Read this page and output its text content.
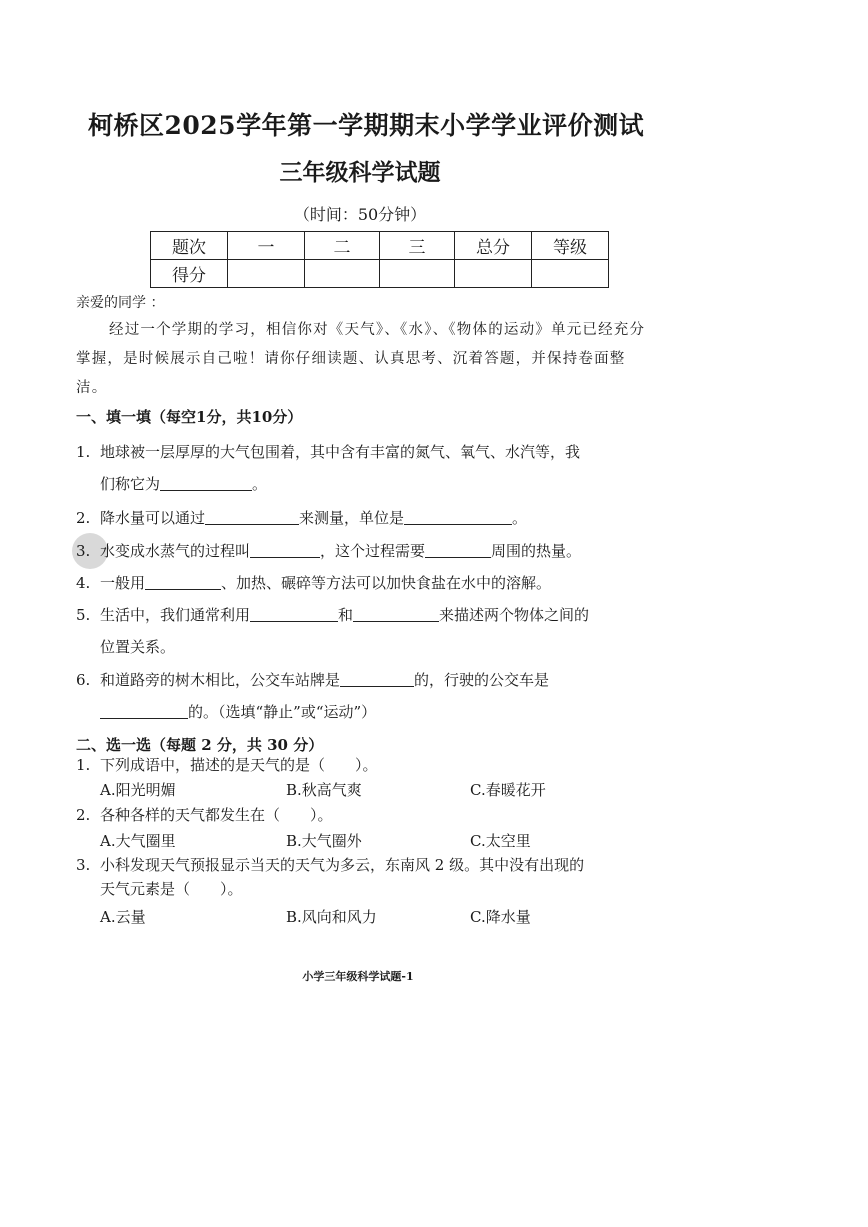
柯桥区2025学年第一学期期末小学学业评价测试
三年级科学试题
（时间：50分钟）
题次	一	二	三	总分	等级
得分					
亲爱的同学 ：
经过一个学期的学习，相信你对《天气》、《水》、《物体的运动》单元已经充分掌握，是时候展示自己啦！请你仔细读题、认真思考、沉着答题，并保持卷面整洁。
一、填一填（每空1分，共10分）
1. 地球被一层厚厚的大气包围着，其中含有丰富的氮气、氧气、水汽等，我
们称它为	。
2. 降水量可以通过	来测量，单位是	。
3. 水变成水蒸气的过程叫	，这个过程需要	周围的热量。
4. 一般用	、加热、碾碎等方法可以加快食盐在水中的溶解。
5. 生活中，我们通常利用	和	来描述两个物体之间的
位置关系。
6. 和道路旁的树木相比，公交车站牌是	的，行驶的公交车是
的。（选填“静止”或“运动”）
二、选一选（每题 2 分，共 30 分）
1. 下列成语中，描述的是天气的是（　　）。
A.阳光明媚	B.秋高气爽	C.春暖花开
2. 各种各样的天气都发生在（　　）。
A.大气圈里	B.大气圈外	C.太空里
3. 小科发现天气预报显示当天的天气为多云，东南风 2 级。其中没有出现的
天气元素是（　　）。
A.云量	B.风向和风力	C.降水量
小学三年级科学试题-1
